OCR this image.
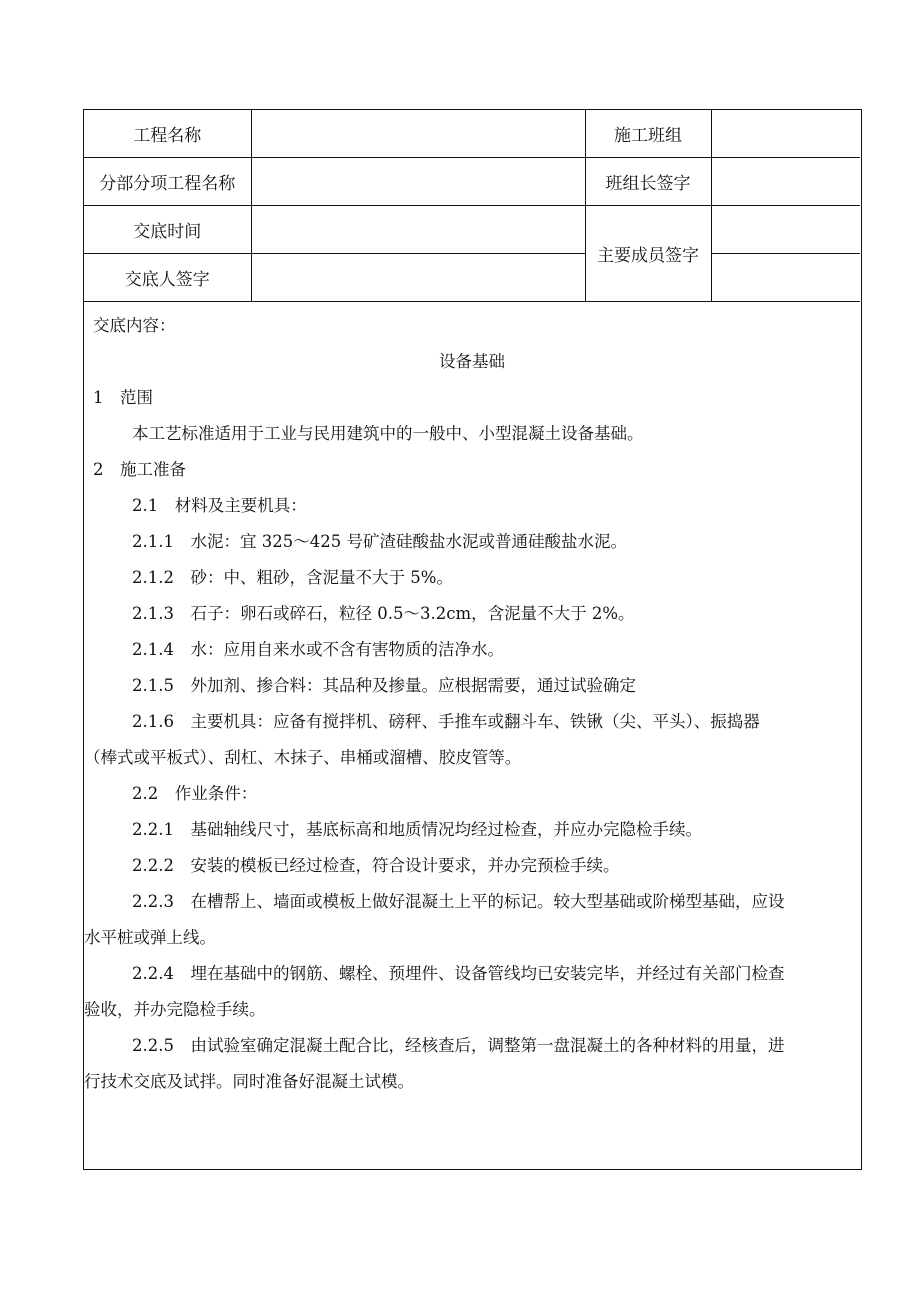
工程名称		施工班组	
分部分项工程名称		班组长签字	
交底时间		主要成员签字	
交底人签字			
交底内容：
设备基础
1　范围
本工艺标准适用于工业与民用建筑中的一般中、小型混凝土设备基础。
2　施工准备
2.1　材料及主要机具：
2.1.1　水泥：宜 325～425 号矿渣硅酸盐水泥或普通硅酸盐水泥。
2.1.2　砂：中、粗砂，含泥量不大于 5%。
2.1.3　石子：卵石或碎石，粒径 0.5～3.2cm，含泥量不大于 2%。
2.1.4　水：应用自来水或不含有害物质的洁净水。
2.1.5　外加剂、掺合料：其品种及掺量。应根据需要，通过试验确定
2.1.6　主要机具：应备有搅拌机、磅秤、手推车或翻斗车、铁锹（尖、平头）、振捣器
（棒式或平板式）、刮杠、木抹子、串桶或溜槽、胶皮管等。
2.2　作业条件：
2.2.1　基础轴线尺寸，基底标高和地质情况均经过检查，并应办完隐检手续。
2.2.2　安装的模板已经过检查，符合设计要求，并办完预检手续。
2.2.3　在槽帮上、墙面或模板上做好混凝土上平的标记。较大型基础或阶梯型基础，应设
水平桩或弹上线。
2.2.4　埋在基础中的钢筋、螺栓、预埋件、设备管线均已安装完毕，并经过有关部门检查
验收，并办完隐检手续。
2.2.5　由试验室确定混凝土配合比，经核查后，调整第一盘混凝土的各种材料的用量，进
行技术交底及试拌。同时准备好混凝土试模。
